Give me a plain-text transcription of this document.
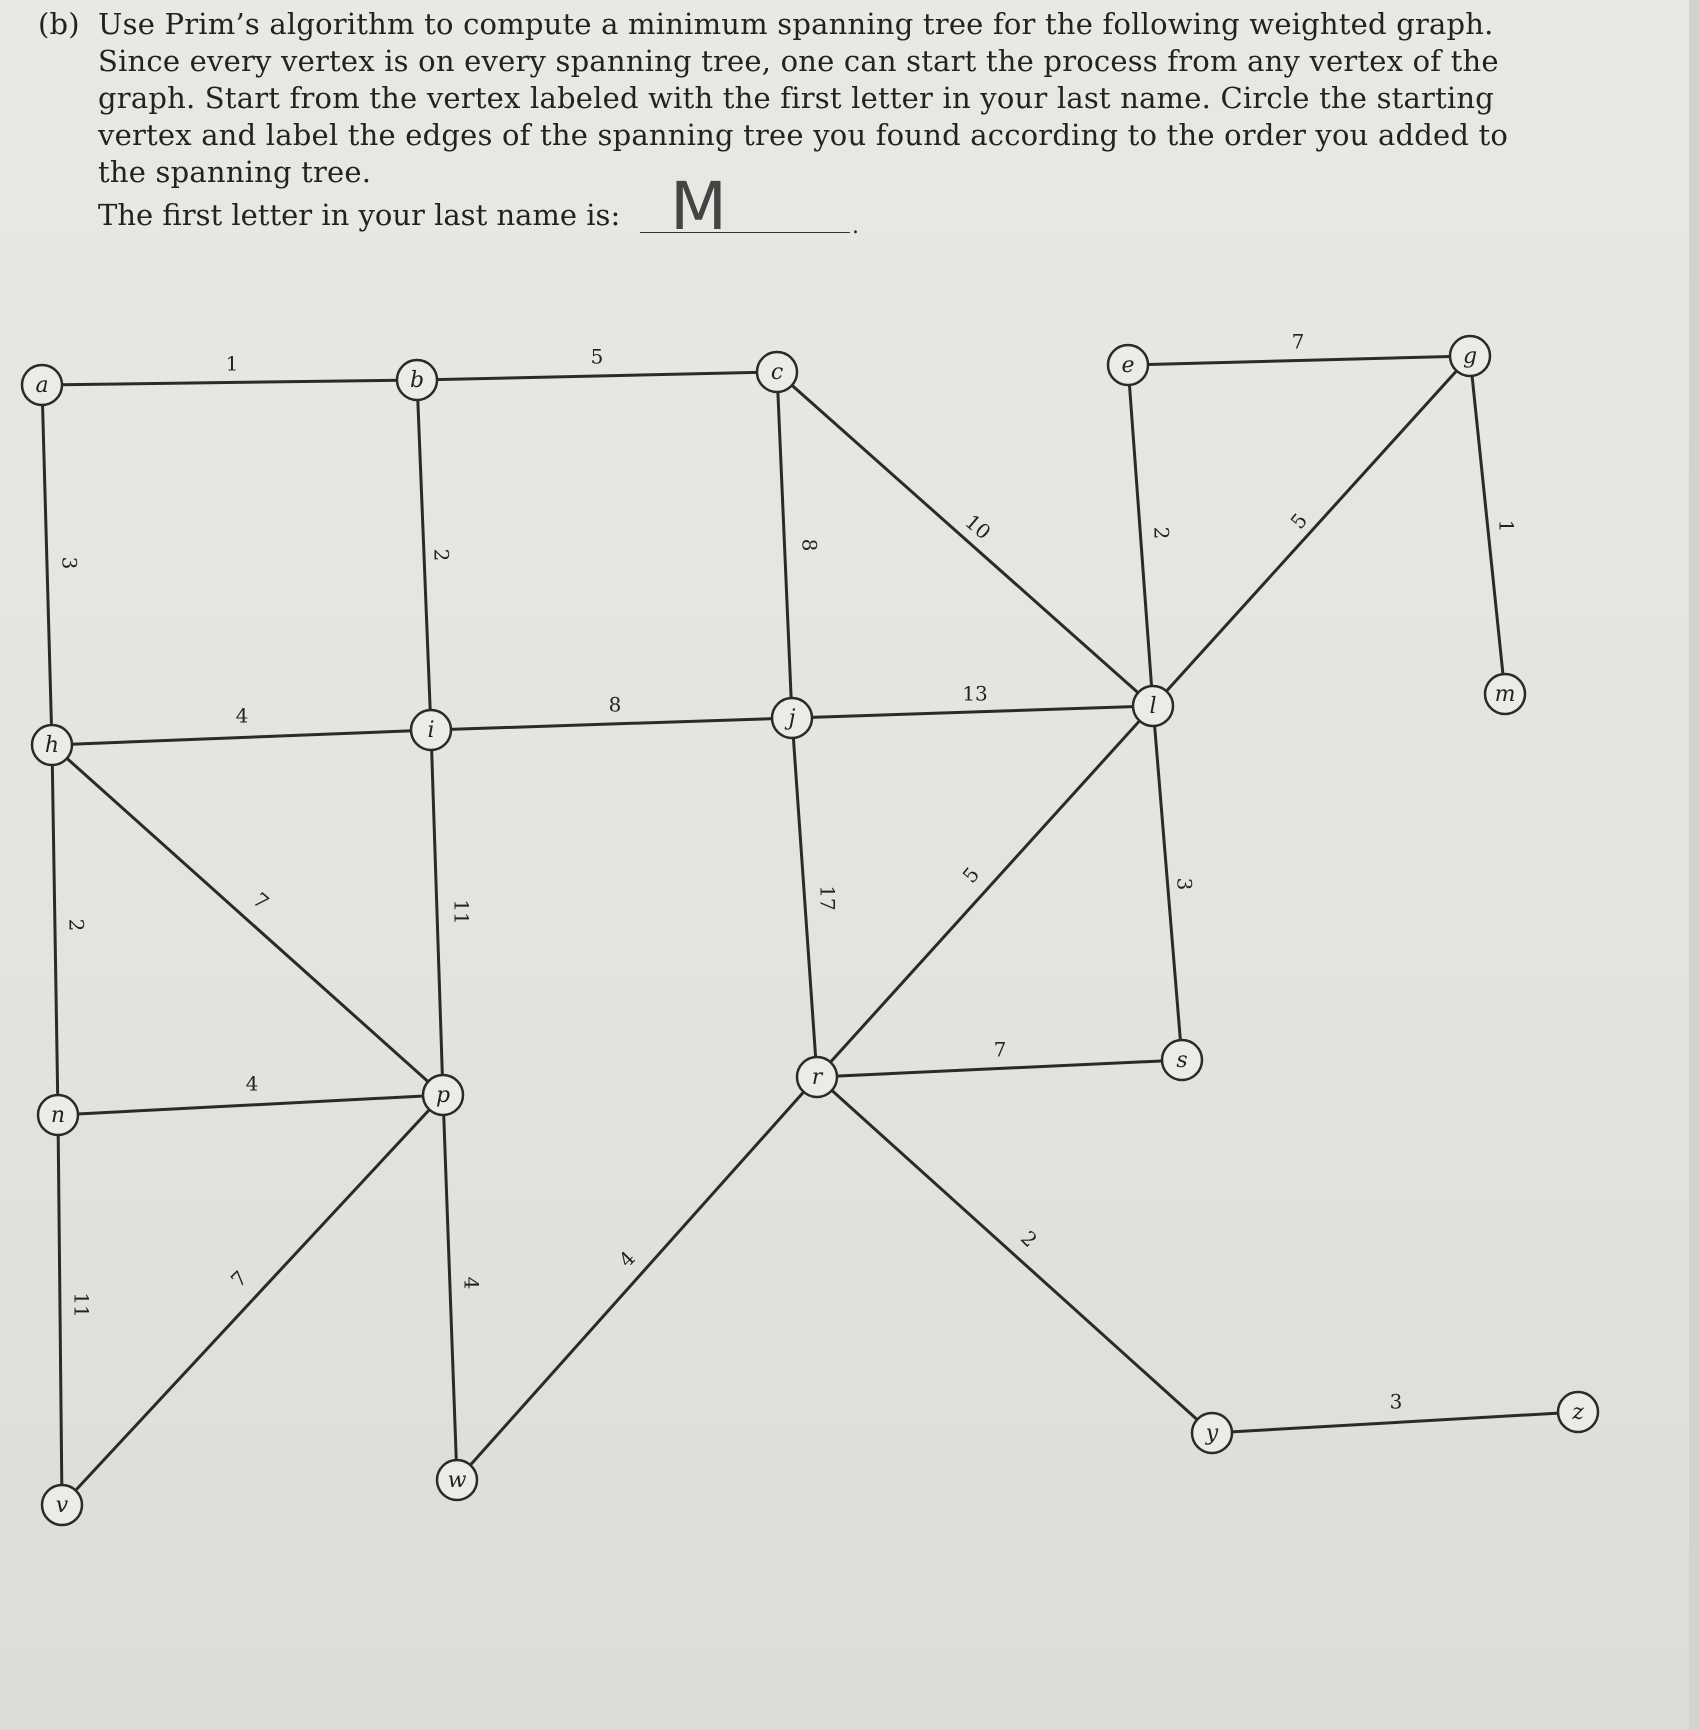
(b) Use Prim’s algorithm to compute a minimum spanning tree for the following weighted graph. Since every vertex is on every spanning tree, one can start the process from any vertex of the graph. Start from the vertex labeled with the first letter in your last name. Circle the starting vertex and label the edges of the spanning tree you found according to the order you added to the spanning tree.
The first letter in your last name is:	.
M
1	5
7
3
2
8
10	2	5	1
4	8	13
7
2
11
17
5	3
7
4
11
7	4
4
2
3
a	b	c	e	g
h
i	j	l	m
n
p
r
s
v
w
y
z
